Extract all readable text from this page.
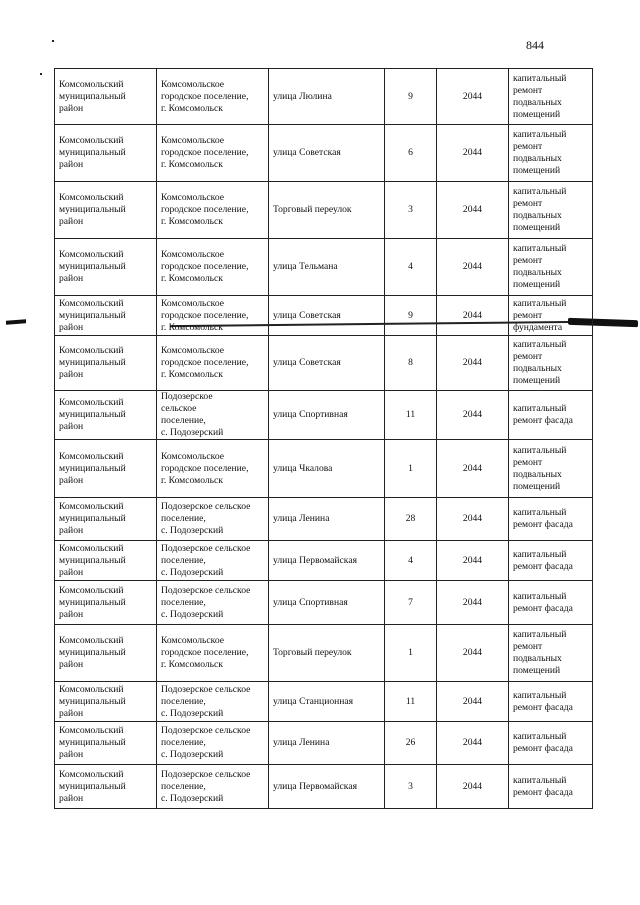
844
Комсомольский
муниципальный
район	Комсомольское
городское поселение,
г. Комсомольск	улица Люлина	9	2044	капитальный
ремонт
подвальных
помещений
Комсомольский
муниципальный
район	Комсомольское
городское поселение,
г. Комсомольск	улица Советская	6	2044	капитальный
ремонт
подвальных
помещений
Комсомольский
муниципальный
район	Комсомольское
городское поселение,
г. Комсомольск	Торговый переулок	3	2044	капитальный
ремонт
подвальных
помещений
Комсомольский
муниципальный
район	Комсомольское
городское поселение,
г. Комсомольск	улица Тельмана	4	2044	капитальный
ремонт
подвальных
помещений
Комсомольский
муниципальный
район	Комсомольское
городское поселение,
г. Комсомольск	улица Советская	9	2044	капитальный
ремонт
фундамента
Комсомольский
муниципальный
район	Комсомольское
городское поселение,
г. Комсомольск	улица Советская	8	2044	капитальный
ремонт
подвальных
помещений
Комсомольский
муниципальный
район	Подозерское
сельское
поселение,
с. Подозерский	улица Спортивная	11	2044	капитальный
ремонт фасада
Комсомольский
муниципальный
район	Комсомольское
городское поселение,
г. Комсомольск	улица Чкалова	1	2044	капитальный
ремонт
подвальных
помещений
Комсомольский
муниципальный
район	Подозерское сельское
поселение,
с. Подозерский	улица Ленина	28	2044	капитальный
ремонт фасада
Комсомольский
муниципальный
район	Подозерское сельское
поселение,
с. Подозерский	улица Первомайская	4	2044	капитальный
ремонт фасада
Комсомольский
муниципальный
район	Подозерское сельское
поселение,
с. Подозерский	улица Спортивная	7	2044	капитальный
ремонт фасада
Комсомольский
муниципальный
район	Комсомольское
городское поселение,
г. Комсомольск	Торговый переулок	1	2044	капитальный
ремонт
подвальных
помещений
Комсомольский
муниципальный
район	Подозерское сельское
поселение,
с. Подозерский	улица Станционная	11	2044	капитальный
ремонт фасада
Комсомольский
муниципальный
район	Подозерское сельское
поселение,
с. Подозерский	улица Ленина	26	2044	капитальный
ремонт фасада
Комсомольский
муниципальный
район	Подозерское сельское
поселение,
с. Подозерский	улица Первомайская	3	2044	капитальный
ремонт фасада
